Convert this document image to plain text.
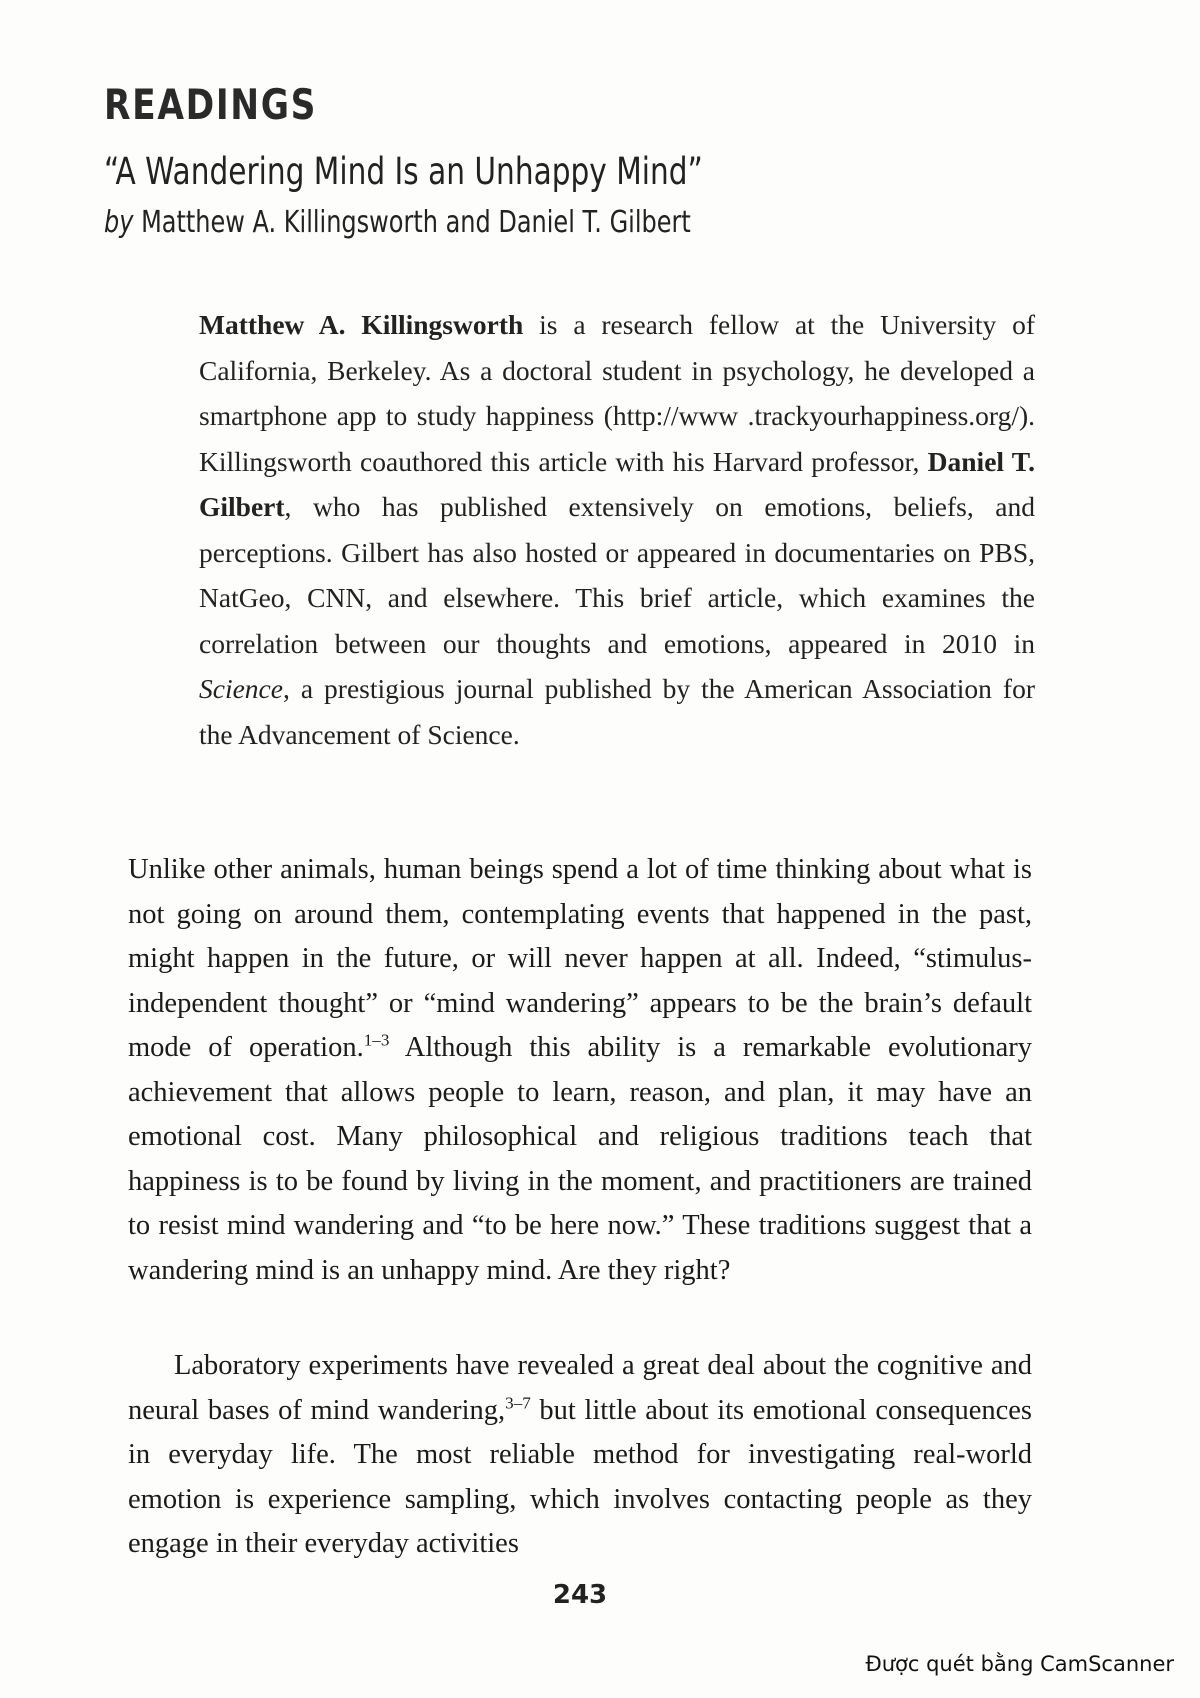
READINGS
“A Wandering Mind Is an Unhappy Mind”
by Matthew A. Killingsworth and Daniel T. Gilbert

Matthew A. Killingsworth is a research fellow at the University of California, Berkeley. As a doctoral student in psychology, he developed a smartphone app to study happiness (http://www .trackyourhappiness.org/). Killingsworth coauthored this article with his Harvard professor, Daniel T. Gilbert, who has published extensively on emotions, beliefs, and perceptions. Gilbert has also hosted or appeared in documentaries on PBS, NatGeo, CNN, and elsewhere. This brief article, which examines the correlation between our thoughts and emotions, appeared in 2010 in Science, a prestigious journal published by the American Association for the Advancement of Science.

Unlike other animals, human beings spend a lot of time thinking about what is not going on around them, contemplating events that happened in the past, might happen in the future, or will never happen at all. Indeed, “stimulus-independent thought” or “mind wandering” appears to be the brain’s default mode of operation.$^{1-3}$ Although this ability is a remarkable evolutionary achievement that allows people to learn, reason, and plan, it may have an emotional cost. Many philosophical and religious traditions teach that happiness is to be found by living in the moment, and practitioners are trained to resist mind wandering and “to be here now.” These traditions suggest that a wandering mind is an unhappy mind. Are they right?

Laboratory experiments have revealed a great deal about the cognitive and neural bases of mind wandering,$^{3-7}$ but little about its emotional consequences in everyday life. The most reliable method for investigating real-world emotion is experience sampling, which involves contacting people as they engage in their everyday activities

243
Được quét bằng CamScanner
